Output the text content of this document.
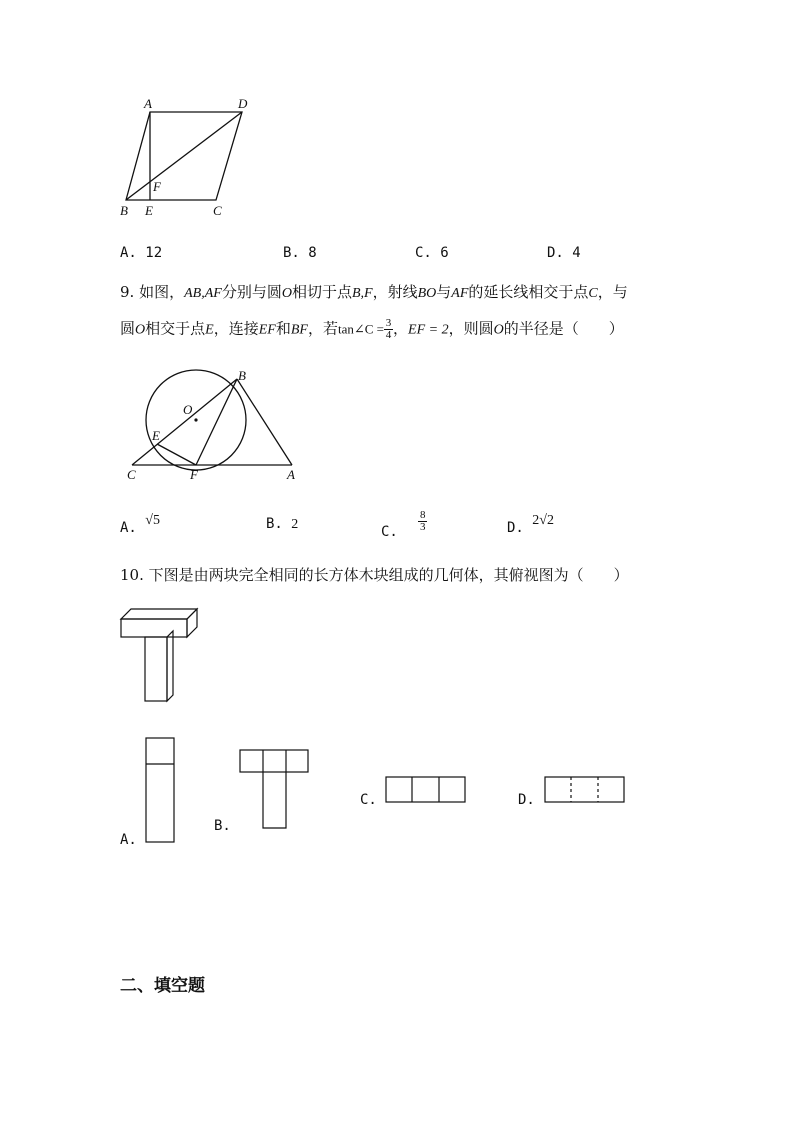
A	D
F
B E	C
A. 12	B. 8	C. 6	D. 4
9. 如图，AB,AF分别与圆O相切于点B,F，射线BO与AF的延长线相交于点C，与
圆O相交于点E，连接EF和BF，若tan∠C = $\frac{3}{4}$ ，EF = 2，则圆O的半径是（　　）
B
O
E
C	F	A
A. √5	B. 2	C. $\frac{8}{3}$	D. 2√2
10. 下图是由两块完全相同的长方体木块组成的几何体，其俯视图为（　　）
A.
B.
C.	D.
二、填空题
